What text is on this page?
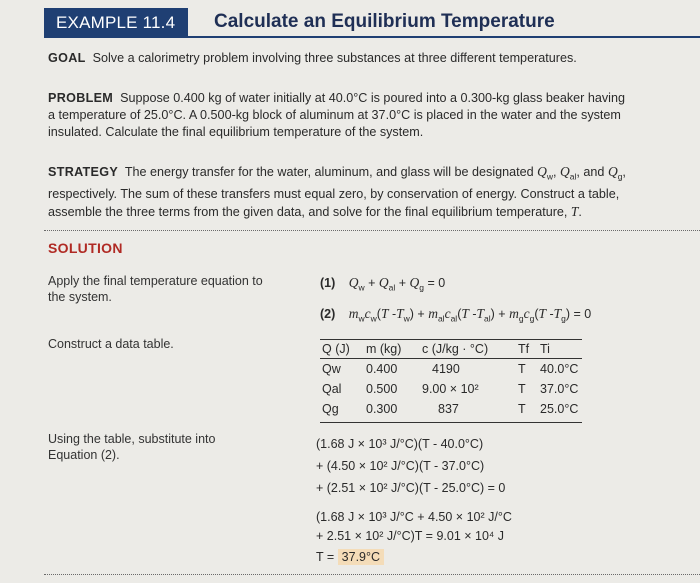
EXAMPLE 11.4	Calculate an Equilibrium Temperature
GOAL Solve a calorimetry problem involving three substances at three different temperatures.
PROBLEM Suppose 0.400 kg of water initially at 40.0°C is poured into a 0.300-kg glass beaker having
a temperature of 25.0°C. A 0.500-kg block of aluminum at 37.0°C is placed in the water and the system
insulated. Calculate the final equilibrium temperature of the system.
STRATEGY The energy transfer for the water, aluminum, and glass will be designated $Q_w$, $Q_{al}$, and $Q_g$,
respectively. The sum of these transfers must equal zero, by conservation of energy. Construct a table,
assemble the three terms from the given data, and solve for the final equilibrium temperature, T.
SOLUTION
Apply the final temperature equation to the system.
(1) $Q_w + Q_{al} + Q_g = 0$
(2) $m_wc_w(T$ $-T_w) + m_{al}c_{al}(T$ $-T_{al}) + m_gc_g(T$ $-T_g) = 0$
Construct a data table.	Q (J)	m (kg)	c (J/kg · °C)	Tf	Ti
Qw	0.400	4190	T	40.0°C
Qal	0.500	9.00 × 10²	T	37.0°C
Qg	0.300	837	T	25.0°C
Using the table, substitute into Equation (2).
(1.68 J × 10³ J/°C)(T - 40.0°C)
+ (4.50 × 10² J/°C)(T - 37.0°C)
+ (2.51 × 10² J/°C)(T - 25.0°C) = 0
(1.68 J × 10³ J/°C + 4.50 × 10² J/°C
+ 2.51 × 10² J/°C)T = 9.01 × 10⁴ J
T = 37.9°C
